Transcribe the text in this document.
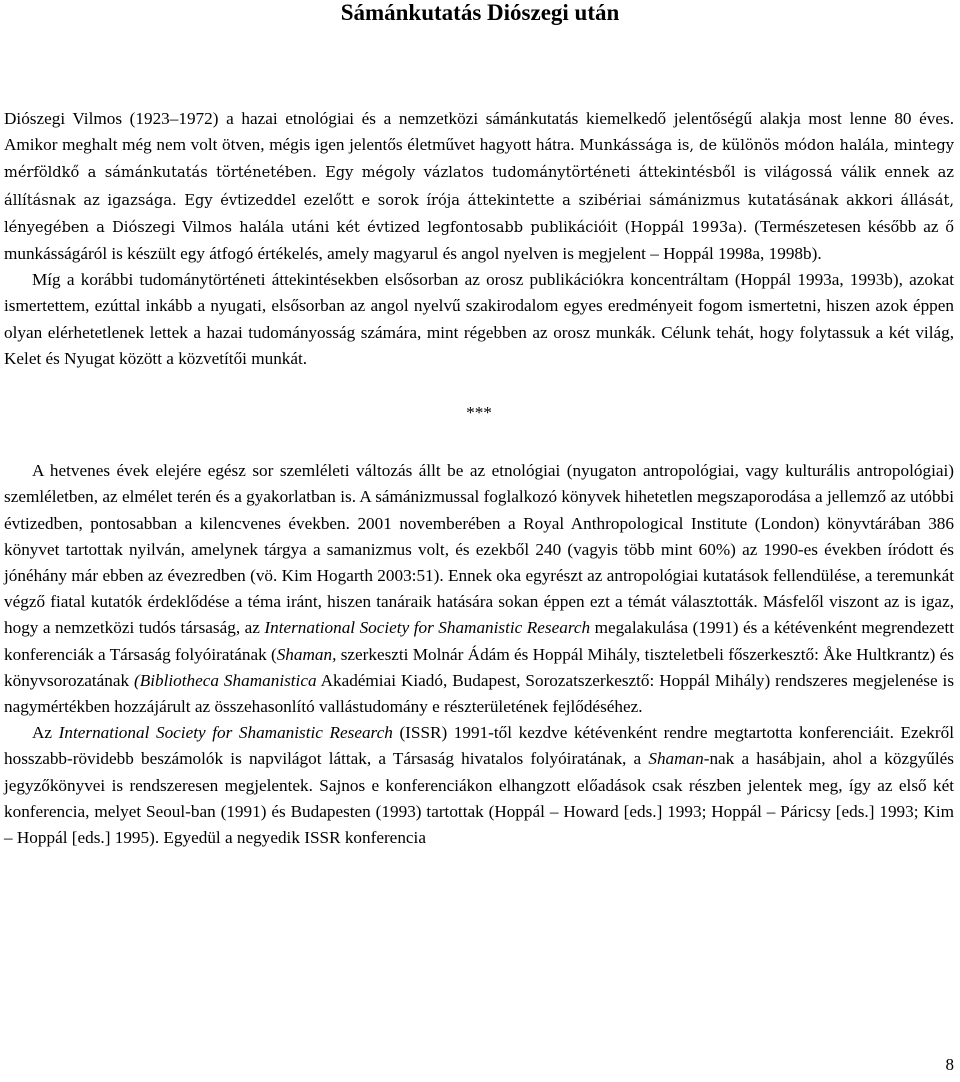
Sámánkutatás Diószegi után

Diószegi Vilmos (1923–1972) a hazai etnológiai és a nemzetközi sámánkutatás kiemelkedő jelentőségű alakja most lenne 80 éves. Amikor meghalt még nem volt ötven, mégis igen jelentős életművet hagyott hátra. Munkássága is, de különös módon halála, mintegy mérföldkő a sámánkutatás történetében. Egy mégoly vázlatos tudománytörténeti áttekintésből is világossá válik ennek az állításnak az igazsága. Egy évtizeddel ezelőtt e sorok írója áttekintette a szibériai sámánizmus kutatásának akkori állását, lényegében a Diószegi Vilmos halála utáni két évtized legfontosabb publikációit (Hoppál 1993a). (Természetesen később az ő munkásságáról is készült egy átfogó értékelés, amely magyarul és angol nyelven is megjelent – Hoppál 1998a, 1998b).

Míg a korábbi tudománytörténeti áttekintésekben elsősorban az orosz publikációkra koncentráltam (Hoppál 1993a, 1993b), azokat ismertettem, ezúttal inkább a nyugati, elsősorban az angol nyelvű szakirodalom egyes eredményeit fogom ismertetni, hiszen azok éppen olyan elérhetetlenek lettek a hazai tudományosság számára, mint régebben az orosz munkák. Célunk tehát, hogy folytassuk a két világ, Kelet és Nyugat között a közvetítői munkát.

***

A hetvenes évek elejére egész sor szemléleti változás állt be az etnológiai (nyugaton antropológiai, vagy kulturális antropológiai) szemléletben, az elmélet terén és a gyakorlatban is. A sámánizmussal foglalkozó könyvek hihetetlen megszaporodása a jellemző az utóbbi évtizedben, pontosabban a kilencvenes években. 2001 novemberében a Royal Anthropological Institute (London) könyvtárában 386 könyvet tartottak nyilván, amelynek tárgya a samanizmus volt, és ezekből 240 (vagyis több mint 60%) az 1990-es években íródott és jónéhány már ebben az évezredben (vö. Kim Hogarth 2003:51). Ennek oka egyrészt az antropológiai kutatások fellendülése, a teremunkát végző fiatal kutatók érdeklődése a téma iránt, hiszen tanáraik hatására sokan éppen ezt a témát választották. Másfelől viszont az is igaz, hogy a nemzetközi tudós társaság, az International Society for Shamanistic Research megalakulása (1991) és a kétévenként megrendezett konferenciák a Társaság folyóiratának (Shaman, szerkeszti Molnár Ádám és Hoppál Mihály, tiszteletbeli főszerkesztő: Åke Hultkrantz) és könyvsorozatának (Bibliotheca Shamanistica Akadémiai Kiadó, Budapest, Sorozatszerkesztő: Hoppál Mihály) rendszeres megjelenése is nagymértékben hozzájárult az összehasonlító vallástudomány e részterületének fejlődéséhez.

Az International Society for Shamanistic Research (ISSR) 1991-től kezdve kétévenként rendre megtartotta konferenciáit. Ezekről hosszabb-rövidebb beszámolók is napvilágot láttak, a Társaság hivatalos folyóiratának, a Shaman-nak a hasábjain, ahol a közgyűlés jegyzőkönyvei is rendszeresen megjelentek. Sajnos e konferenciákon elhangzott előadások csak részben jelentek meg, így az első két konferencia, melyet Seoul-ban (1991) és Budapesten (1993) tartottak (Hoppál – Howard [eds.] 1993; Hoppál – Páricsy [eds.] 1993; Kim – Hoppál [eds.] 1995). Egyedül a negyedik ISSR konferencia

8
